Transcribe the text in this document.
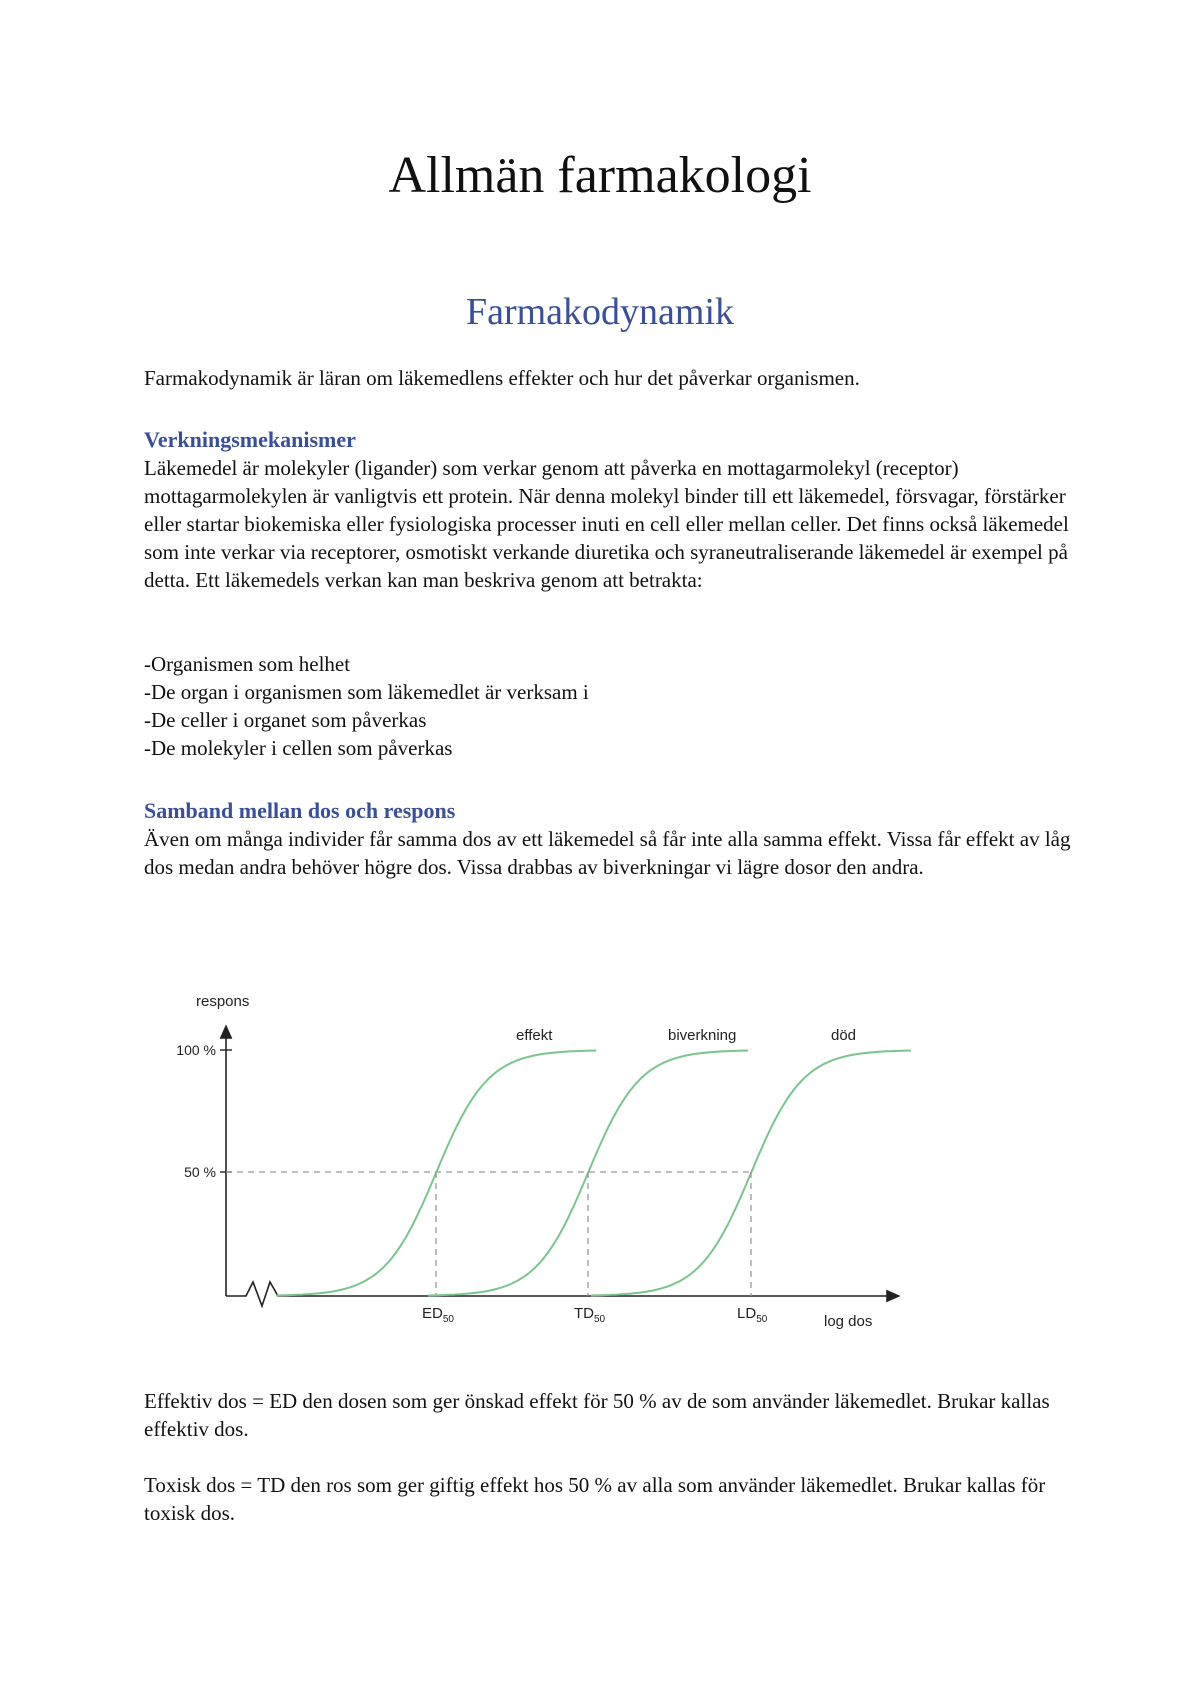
Allmän farmakologi
Farmakodynamik
Farmakodynamik är läran om läkemedlens effekter och hur det påverkar organismen.
Verkningsmekanismer
Läkemedel är molekyler (ligander) som verkar genom att påverka en mottagarmolekyl (receptor) mottagarmolekylen är vanligtvis ett protein. När denna molekyl binder till ett läkemedel, försvagar, förstärker eller startar biokemiska eller fysiologiska processer inuti en cell eller mellan celler. Det finns också läkemedel som inte verkar via receptorer, osmotiskt verkande diuretika och syraneutraliserande läkemedel är exempel på detta. Ett läkemedels verkan kan man beskriva genom att betrakta:
-Organismen som helhet
-De organ i organismen som läkemedlet är verksam i
-De celler i organet som påverkas
-De molekyler i cellen som påverkas
Samband mellan dos och respons
Även om många individer får samma dos av ett läkemedel så får inte alla samma effekt. Vissa får effekt av låg dos medan andra behöver högre dos. Vissa drabbas av biverkningar vi lägre dosor den andra.
respons
log dos
100 %
50 %
effekt
$ED_{50}$
biverkning
$TD_{50}$
död
$LD_{50}$
Effektiv dos = ED den dosen som ger önskad effekt för 50 % av de som använder läkemedlet. Brukar kallas effektiv dos.
Toxisk dos = TD den ros som ger giftig effekt hos 50 % av alla som använder läkemedlet. Brukar kallas för toxisk dos.
